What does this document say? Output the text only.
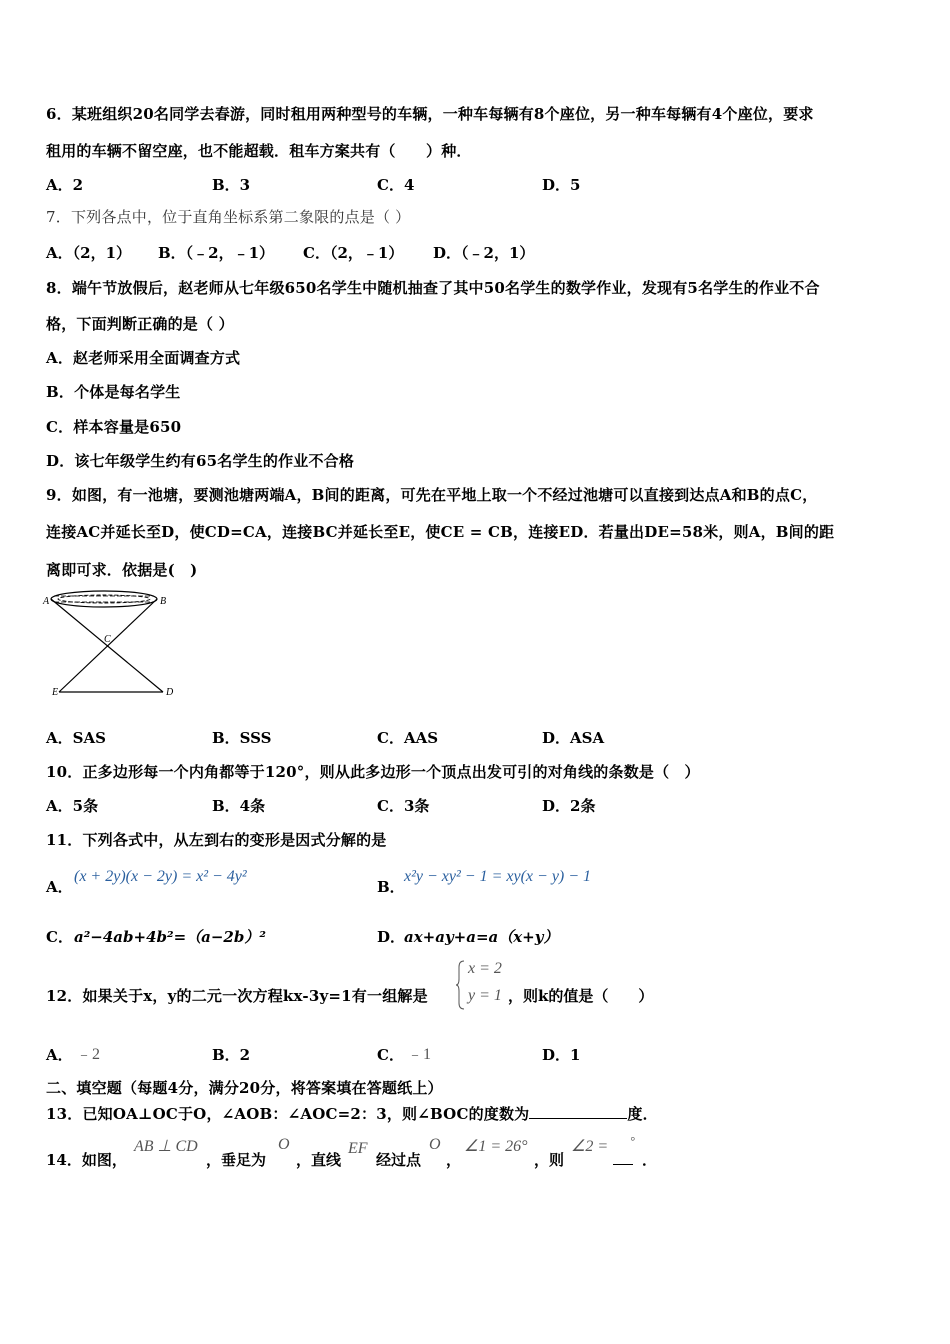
6．某班组织20名同学去春游，同时租用两种型号的车辆，一种车每辆有8个座位，另一种车每辆有4个座位，要求
租用的车辆不留空座，也不能超载．租车方案共有（　　）种．
A．2	B．3	C．4	D．5
7．下列各点中，位于直角坐标系第二象限的点是（ ）
A．（2，1） B．（﹣2，﹣1） C．（2，﹣1） D．（﹣2，1）
8．端午节放假后，赵老师从七年级650名学生中随机抽查了其中50名学生的数学作业，发现有5名学生的作业不合
格，下面判断正确的是（ ）
A．赵老师采用全面调查方式
B．个体是每名学生
C．样本容量是650
D．该七年级学生约有65名学生的作业不合格
9．如图，有一池塘，要测池塘两端A，B间的距离，可先在平地上取一个不经过池塘可以直接到达点A和B的点C，
连接AC并延长至D，使CD=CA，连接BC并延长至E，使CE = CB，连接ED．若量出DE=58米，则A，B间的距
离即可求．依据是(　)
A	B
C
E	D
A．SAS	B．SSS	C．AAS	D．ASA
10．正多边形每一个内角都等于120°，则从此多边形一个顶点出发可引的对角线的条数是（　）
A．5条	B．4条	C．3条	D．2条
11．下列各式中，从左到右的变形是因式分解的是
A．
(x + 2y)(x − 2y) = x² − 4y²
B．
x²y − xy² − 1 = xy(x − y) − 1
C． a²−4ab+4b²=（a−2b）²	D．
ax+ay+a=a（x+y）
12．如果关于x，y的二元一次方程kx-3y=1有一组解是
x = 2
y = 1 ，则k的值是（　　）
A． ﹣2	B．2	C． ﹣1	D．1
二、填空题（每题4分，满分20分，将答案填在答题纸上）
13．已知OA⊥OC于O，∠AOB：∠AOC=2：3，则∠BOC的度数为	度．
14．如图，
AB ⊥ CD
，垂足为
O
，直线
EF
经过点
O
，
∠1 = 26°
，则
∠2 = °
．
